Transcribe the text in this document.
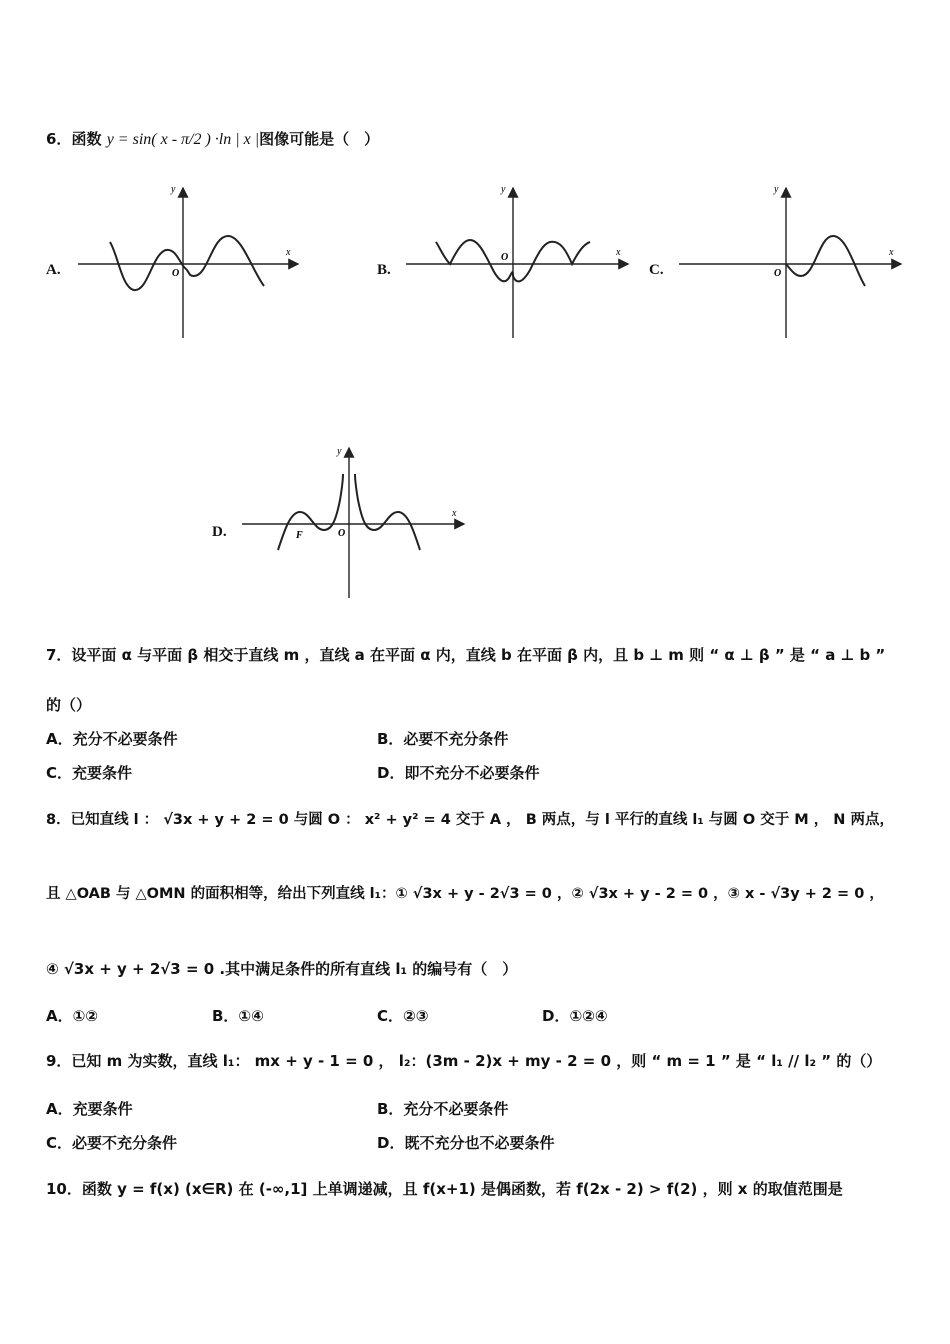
6．函数 y = sin( x - π/2 ) ·ln | x |图像可能是（　）
A.
x
y
O	B.
x
y
O
C.
x
y
O
D.
x
y
O
F
7．设平面 α 与平面 β 相交于直线 m ，直线 a 在平面 α 内，直线 b 在平面 β 内，且 b ⊥ m 则 “ α ⊥ β ” 是 “ a ⊥ b ”
的（）
A．充分不必要条件	B．必要不充分条件
C．充要条件	D．即不充分不必要条件
8．已知直线 l ： √3x + y + 2 = 0 与圆 O ： x² + y² = 4 交于 A ， B 两点，与 l 平行的直线 l₁ 与圆 O 交于 M ， N 两点，
且 △OAB 与 △OMN 的面积相等，给出下列直线 l₁：① √3x + y - 2√3 = 0 ，② √3x + y - 2 = 0 ，③ x - √3y + 2 = 0 ，
④ √3x + y + 2√3 = 0 .其中满足条件的所有直线 l₁ 的编号有（　）
A．①②	B．①④	C．②③	D．①②④
9．已知 m 为实数，直线 l₁： mx + y - 1 = 0 ， l₂：(3m - 2)x + my - 2 = 0 ，则 “ m = 1 ” 是 “ l₁ // l₂ ” 的（）
A．充要条件	B．充分不必要条件
C．必要不充分条件	D．既不充分也不必要条件
10．函数 y = f(x) (x∈R) 在 (-∞,1] 上单调递减，且 f(x+1) 是偶函数，若 f(2x - 2) > f(2) ，则 x 的取值范围是
